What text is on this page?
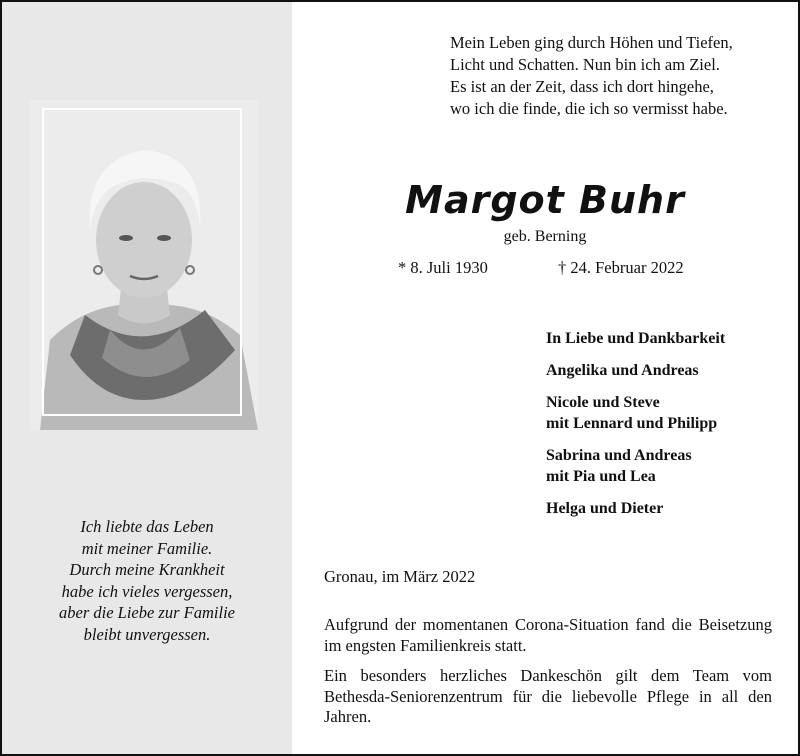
Ich liebte das Leben
mit meiner Familie.
Durch meine Krankheit
habe ich vieles vergessen,
aber die Liebe zur Familie
bleibt unvergessen.
Mein Leben ging durch Höhen und Tiefen,
Licht und Schatten. Nun bin ich am Ziel.
Es ist an der Zeit, dass ich dort hingehe,
wo ich die finde, die ich so vermisst habe.
Margot Buhr
geb. Berning
* 8. Juli 1930	† 24. Februar 2022
In Liebe und Dankbarkeit
Angelika und Andreas
Nicole und Steve
mit Lennard und Philipp
Sabrina und Andreas
mit Pia und Lea
Helga und Dieter
Gronau, im März 2022
Aufgrund der momentanen Corona-Situation fand die Beisetzung im engsten Familienkreis statt.
Ein besonders herzliches Dankeschön gilt dem Team vom Bethesda-Seniorenzentrum für die liebevolle Pflege in all den Jahren.
